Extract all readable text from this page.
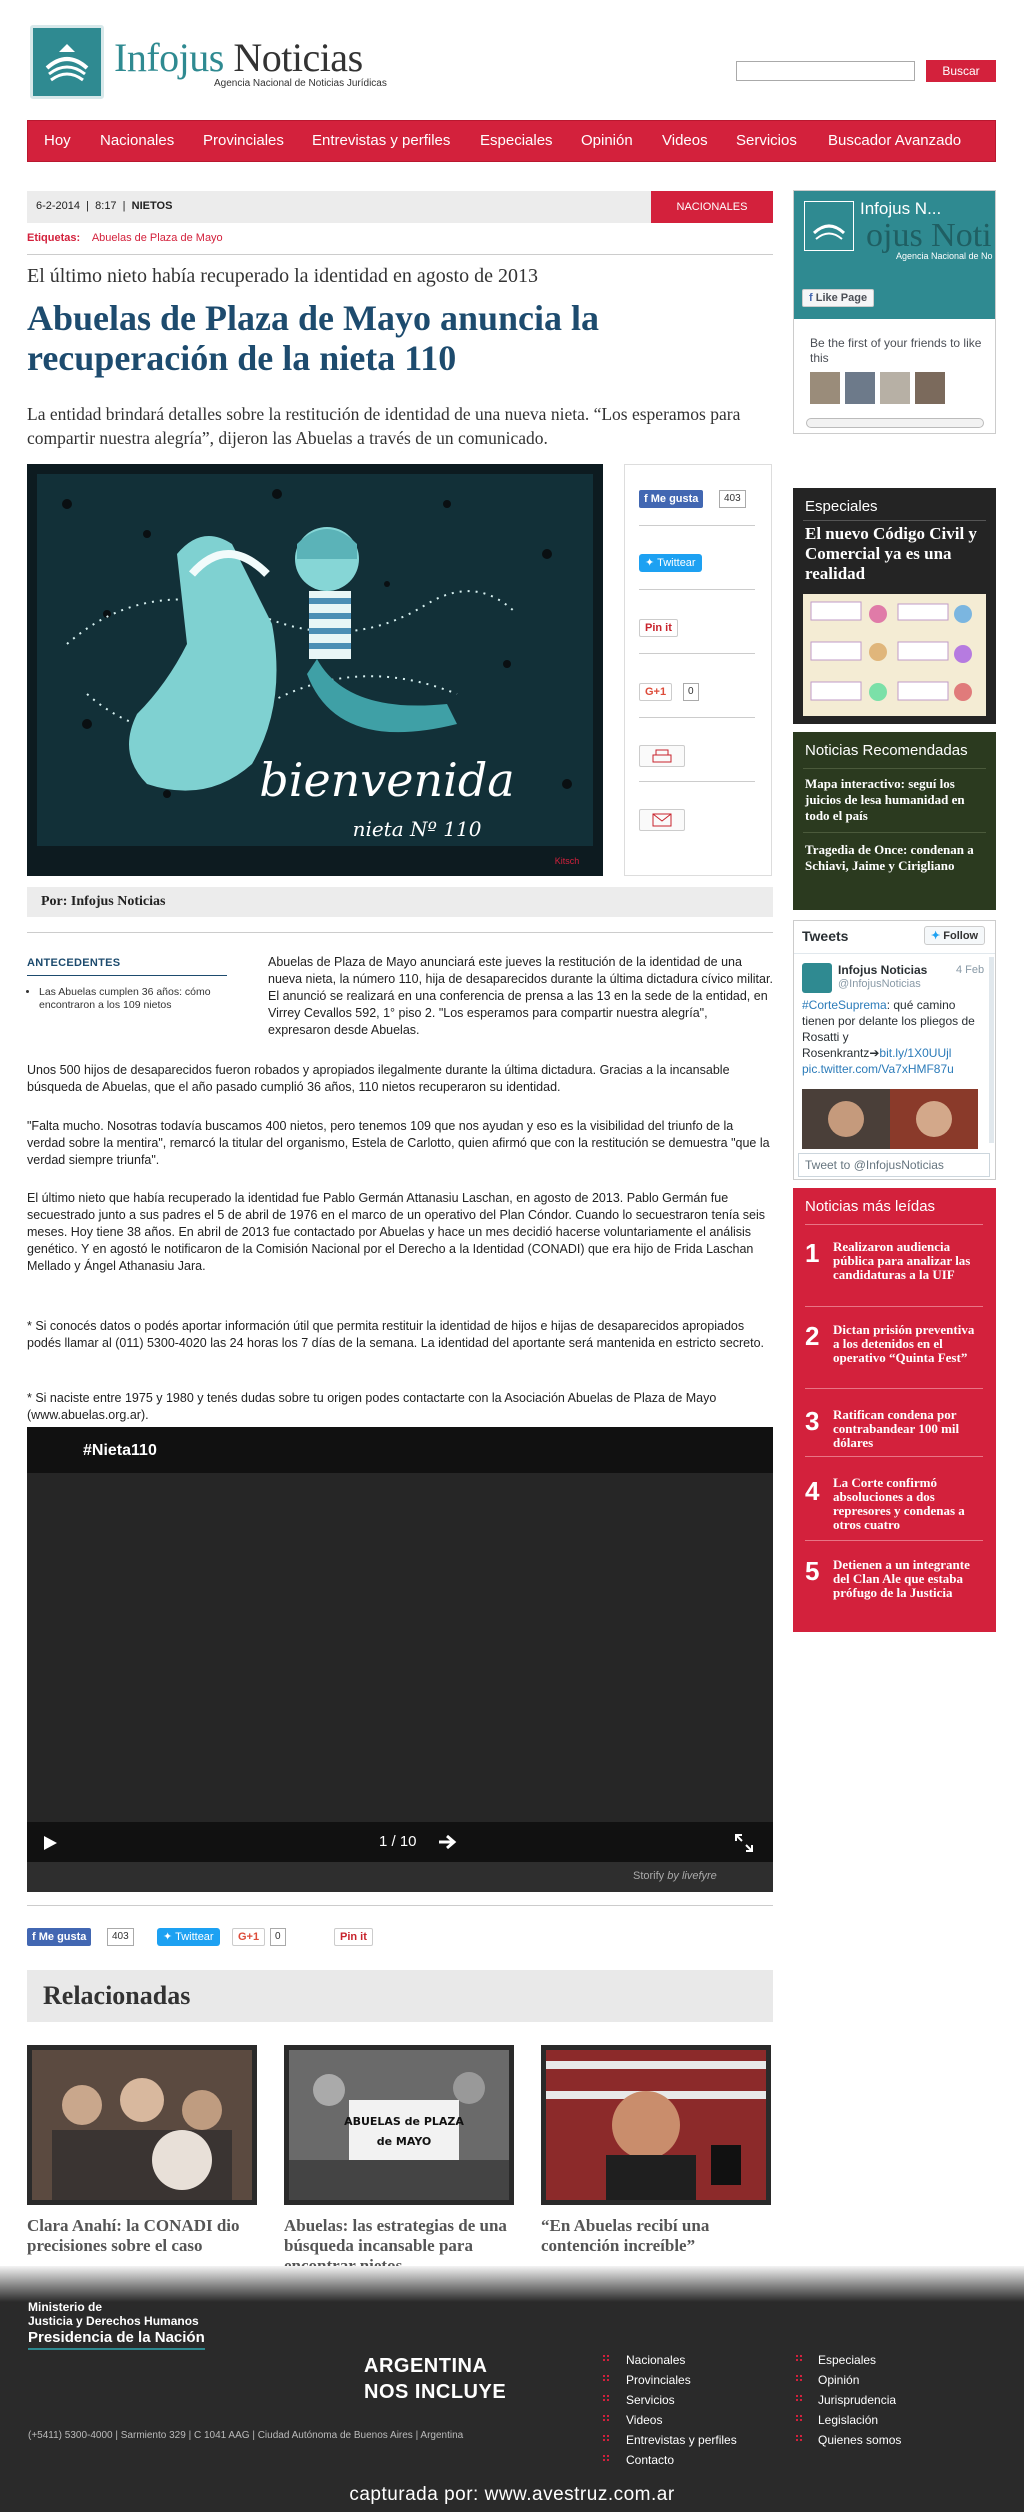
Infojus Noticias
Agencia Nacional de Noticias Jurídicas
Buscar
Hoy Nacionales Provinciales Entrevistas y perfiles Especiales Opinión Videos Servicios Buscador Avanzado
6-2-2014  |  8:17  |  NIETOS	NACIONALES
Etiquetas: Abuelas de Plaza de Mayo
El último nieto había recuperado la identidad en agosto de 2013
Abuelas de Plaza de Mayo anuncia la recuperación de la nieta 110
La entidad brindará detalles sobre la restitución de identidad de una nueva nieta. “Los esperamos para compartir nuestra alegría”, dijeron las Abuelas a través de un comunicado.
bienvenida
nieta Nº 110
Kitsch
f Me gusta	403
✦ Twittear
Pin it
G+1	0
Por: Infojus Noticias
ANTECEDENTES
• Las Abuelas cumplen 36 años: cómo encontraron a los 109 nietos
Abuelas de Plaza de Mayo anunciará este jueves la restitución de la identidad de una nueva nieta, la número 110, hija de desaparecidos durante la última dictadura cívico militar. El anunció se realizará en una conferencia de prensa a las 13 en la sede de la entidad, en Virrey Cevallos 592, 1° piso 2. "Los esperamos para compartir nuestra alegría", expresaron desde Abuelas.
Unos 500 hijos de desaparecidos fueron robados y apropiados ilegalmente durante la última dictadura. Gracias a la incansable búsqueda de Abuelas, que el año pasado cumplió 36 años, 110 nietos recuperaron su identidad.
"Falta mucho. Nosotras todavía buscamos 400 nietos, pero tenemos 109 que nos ayudan y eso es la visibilidad del triunfo de la verdad sobre la mentira", remarcó la titular del organismo, Estela de Carlotto, quien afirmó que con la restitución se demuestra "que la verdad siempre triunfa".
El último nieto que había recuperado la identidad fue Pablo Germán Attanasiu Laschan, en agosto de 2013. Pablo Germán fue secuestrado junto a sus padres el 5 de abril de 1976 en el marco de un operativo del Plan Cóndor. Cuando lo secuestraron tenía seis meses. Hoy tiene 38 años. En abril de 2013 fue contactado por Abuelas y hace un mes decidió hacerse voluntariamente el análisis genético. Y en agostó le notificaron de la Comisión Nacional por el Derecho a la Identidad (CONADI) que era hijo de Frida Laschan Mellado y Ángel Athanasiu Jara.
* Si conocés datos o podés aportar información útil que permita restituir la identidad de hijos e hijas de desaparecidos apropiados podés llamar al (011) 5300-4020 las 24 horas los 7 días de la semana. La identidad del aportante será mantenida en estricto secreto.
* Si naciste entre 1975 y 1980 y tenés dudas sobre tu origen podes contactarte con la Asociación Abuelas de Plaza de Mayo (www.abuelas.org.ar).
#Nieta110
1 / 10
Storify by livefyre
f Me gusta	403	✦ Twittear	G+1	0	Pin it
Relacionadas
ABUELAS de PLAZA
de MAYO
Clara Anahí: la CONADI dio precisiones sobre el caso
Abuelas: las estrategias de una búsqueda incansable para
“En Abuelas recibí una contención increíble”
Infojus N...
ojus Noti
Agencia Nacional de No
f Like Page
Be the first of your friends to like this
Especiales
El nuevo Código Civil y Comercial ya es una realidad
Noticias Recomendadas
Mapa interactivo: seguí los juicios de lesa humanidad en todo el país
Tragedia de Once: condenan a Schiavi, Jaime y Cirigliano
Tweets	✦ Follow
Infojus Noticias	4 Feb
@InfojusNoticias
#CorteSuprema: qué camino tienen por delante los pliegos de Rosatti y Rosenkrantz➔bit.ly/1X0UUjl pic.twitter.com/Va7xHMF87u
Tweet to @InfojusNoticias
Noticias más leídas
1 Realizaron audiencia pública para analizar las candidaturas a la UIF
2 Dictan prisión preventiva a los detenidos en el operativo “Quinta Fest”
3 Ratifican condena por contrabandear 100 mil dólares
4 La Corte confirmó absoluciones a dos represores y condenas a otros cuatro
5 Detienen a un integrante del Clan Ale que estaba prófugo de la Justicia
Ministerio de
Justicia y Derechos Humanos
Presidencia de la Nación
ARGENTINA
NOS INCLUYE
(+5411) 5300-4000 | Sarmiento 329 | C 1041 AAG | Ciudad Autónoma de Buenos Aires | Argentina
Nacionales
Provinciales
Servicios
Videos
Entrevistas y perfiles
Contacto
Especiales
Opinión
Jurisprudencia
Legislación
Quienes somos
capturada por: www.avestruz.com.ar
